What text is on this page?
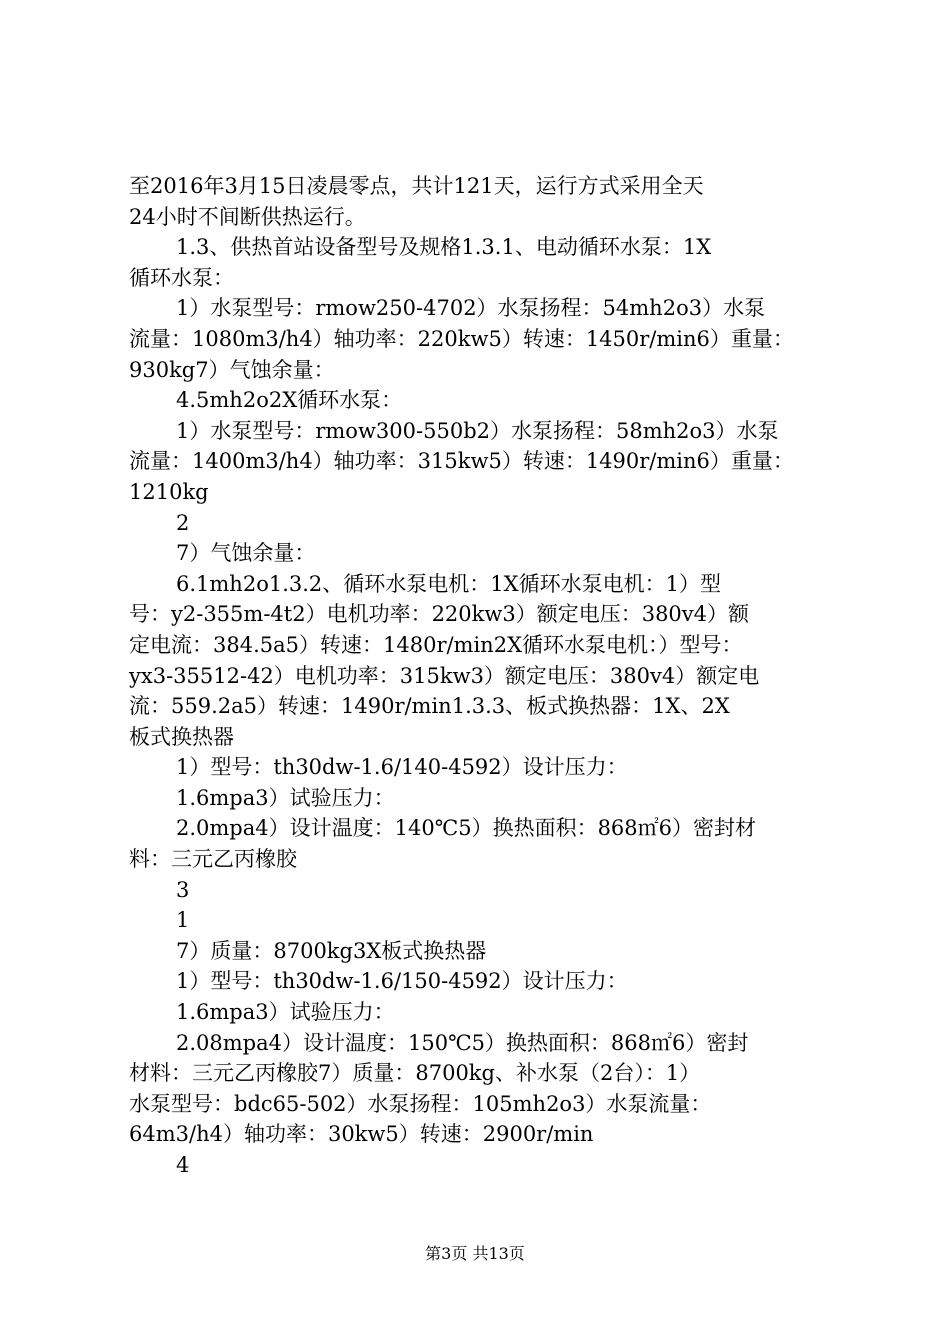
至2016年3月15日凌晨零点，共计121天，运行方式采用全天
24小时不间断供热运行。
1.3、供热首站设备型号及规格1.3.1、电动循环水泵：1X
循环水泵：
1）水泵型号：rmow250-4702）水泵扬程：54mh2o3）水泵
流量：1080m3/h4）轴功率：220kw5）转速：1450r/min6）重量：
930kg7）气蚀余量：
4.5mh2o2X循环水泵：
1）水泵型号：rmow300-550b2）水泵扬程：58mh2o3）水泵
流量：1400m3/h4）轴功率：315kw5）转速：1490r/min6）重量：
1210kg
2
7）气蚀余量：
6.1mh2o1.3.2、循环水泵电机：1X循环水泵电机：1）型
号：y2-355m-4t2）电机功率：220kw3）额定电压：380v4）额
定电流：384.5a5）转速：1480r/min2X循环水泵电机：）型号：
yx3-35512-42）电机功率：315kw3）额定电压：380v4）额定电
流：559.2a5）转速：1490r/min1.3.3、板式换热器：1X、2X
板式换热器
1）型号：th30dw-1.6/140-4592）设计压力：
1.6mpa3）试验压力：
2.0mpa4）设计温度：140℃5）换热面积：868㎡6）密封材
料：三元乙丙橡胶
3
1
7）质量：8700kg3X板式换热器
1）型号：th30dw-1.6/150-4592）设计压力：
1.6mpa3）试验压力：
2.08mpa4）设计温度：150℃5）换热面积：868㎡6）密封
材料：三元乙丙橡胶7）质量：8700kg、补水泵（2台）：1）
水泵型号：bdc65-502）水泵扬程：105mh2o3）水泵流量：
64m3/h4）轴功率：30kw5）转速：2900r/min
4
第3页 共13页
